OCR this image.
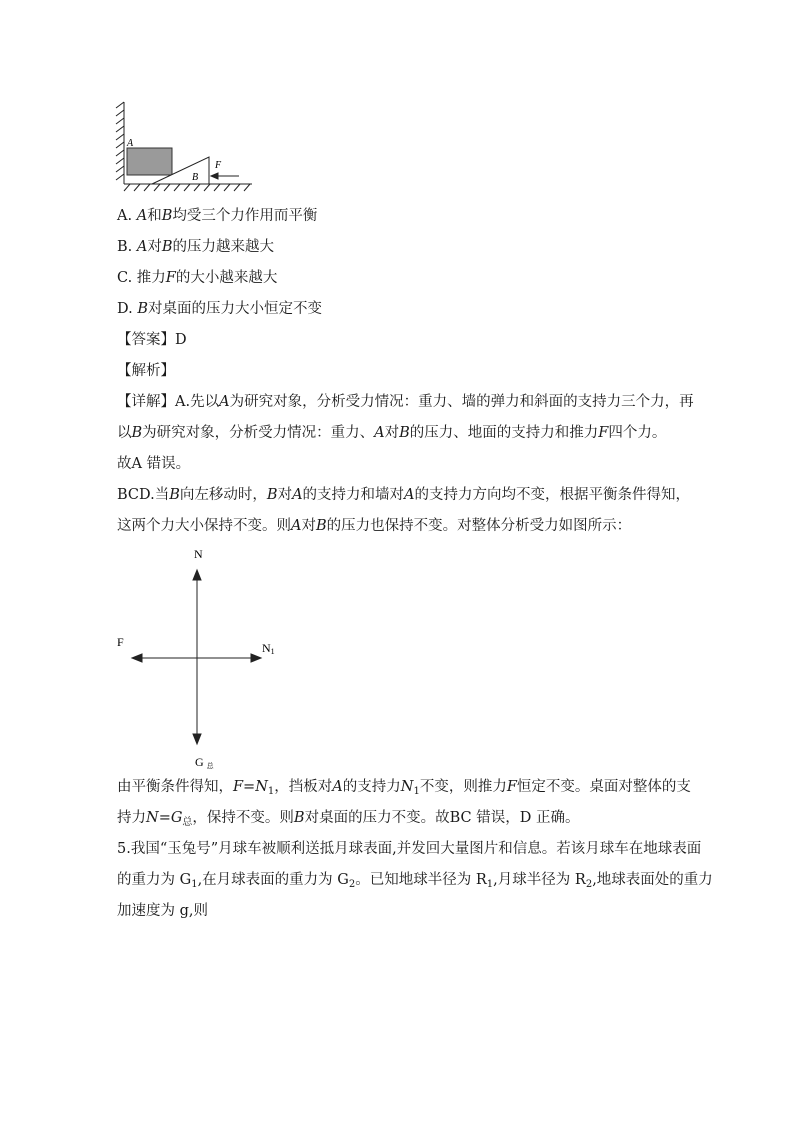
A
B
F
A. A和B均受三个力作用而平衡
B. A对B的压力越来越大
C. 推力F的大小越来越大
D. B对桌面的压力大小恒定不变
【答案】D
【解析】

【详解】A.先以A为研究对象，分析受力情况：重力、墙的弹力和斜面的支持力三个力，再

以B为研究对象，分析受力情况：重力、A对B的压力、地面的支持力和推力F四个力。

故A 错误。

BCD.当B向左移动时，B对A的支持力和墙对A的支持力方向均不变，根据平衡条件得知，

这两个力大小保持不变。则A对B的压力也保持不变。对整体分析受力如图所示：

N
F	N1
G总

由平衡条件得知，$F=N_1$，挡板对A的支持力$N_1$不变，则推力F恒定不变。桌面对整体的支

持力$N=G_总$，保持不变。则B对桌面的压力不变。故BC 错误，D 正确。

5.我国“玉兔号”月球车被顺利送抵月球表面,并发回大量图片和信息。若该月球车在地球表面

的重力为 $G_1$,在月球表面的重力为 $G_2$。已知地球半径为 $R_1$,月球半径为 $R_2$,地球表面处的重力

加速度为 g,则
